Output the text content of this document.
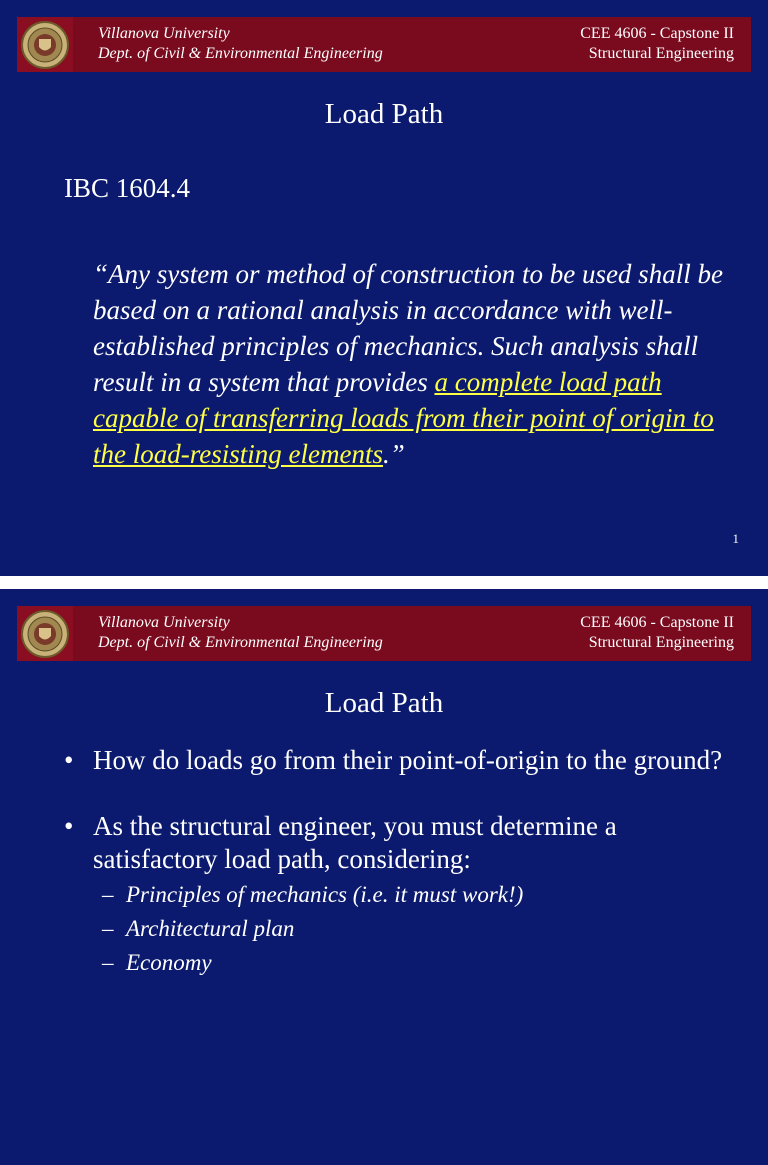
Villanova University
Dept. of Civil & Environmental Engineering
CEE 4606 - Capstone II
Structural Engineering
Load Path
IBC 1604.4
“Any system or method of construction to be used shall be based on a rational analysis in accordance with well-established principles of mechanics. Such analysis shall result in a system that provides a complete load path capable of transferring loads from their point of origin to the load-resisting elements.”
1
Villanova University
Dept. of Civil & Environmental Engineering
CEE 4606 - Capstone II
Structural Engineering
Load Path
• How do loads go from their point-of-origin to the ground?
• As the structural engineer, you must determine a satisfactory load path, considering:
– Principles of mechanics (i.e. it must work!)
– Architectural plan
– Economy
